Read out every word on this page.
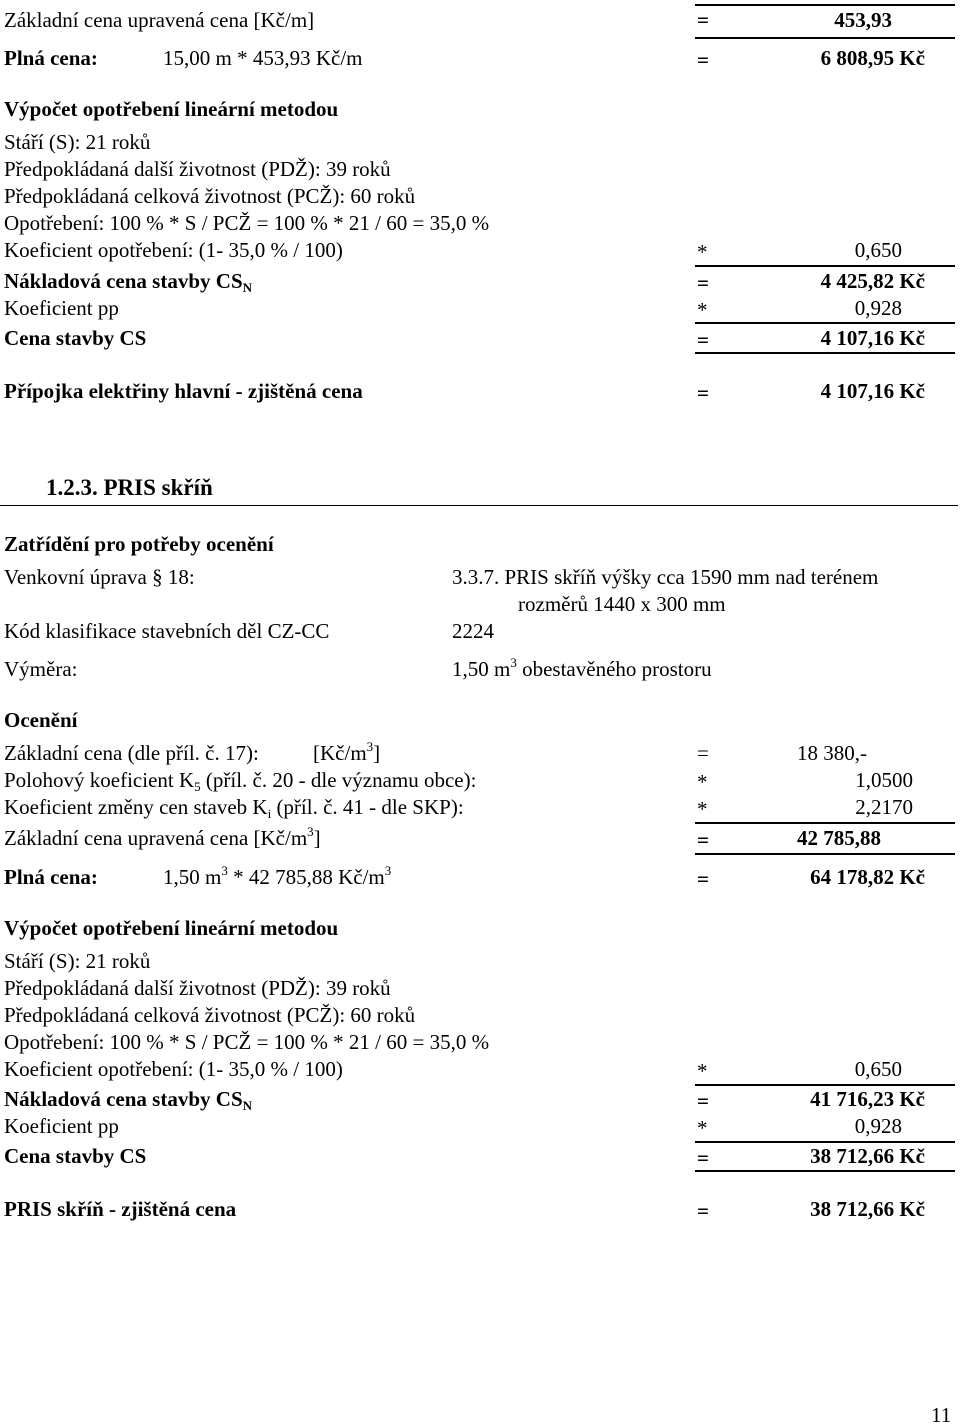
Základní cena upravená cena [Kč/m]	=	453,93
Plná cena:	15,00 m * 453,93 Kč/m	=	6 808,95 Kč
Výpočet opotřebení lineární metodou
Stáří (S): 21 roků
Předpokládaná další životnost (PDŽ): 39 roků
Předpokládaná celková životnost (PCŽ): 60 roků
Opotřebení: 100 % * S / PCŽ = 100 % * 21 / 60 = 35,0 %
Koeficient opotřebení: (1- 35,0 % / 100)	*	0,650
Nákladová cena stavby $CS_N$	=	4 425,82 Kč
Koeficient pp	*	0,928
Cena stavby CS	=	4 107,16 Kč
Přípojka elektřiny hlavní - zjištěná cena	=	4 107,16 Kč
1.2.3. PRIS skříň
Zatřídění pro potřeby ocenění
Venkovní úprava § 18:	3.3.7. PRIS skříň výšky cca 1590 mm nad terénem
rozměrů 1440 x 300 mm
Kód klasifikace stavebních děl CZ-CC	2224
Výměra:	1,50 $m^3$ obestavěného prostoru
Ocenění
Základní cena (dle příl. č. 17):	$[Kč/m^3]$	=	18 380,-
Polohový koeficient $K_5$ (příl. č. 20 - dle významu obce):	*	1,0500
Koeficient změny cen staveb $K_i$ (příl. č. 41 - dle SKP):	*	2,2170
Základní cena upravená cena $[Kč/m^3]$	=	42 785,88
Plná cena:	1,50 $m^3 * 42$ 785,88 $Kč/m^3$	=	64 178,82 Kč
Výpočet opotřebení lineární metodou
Stáří (S): 21 roků
Předpokládaná další životnost (PDŽ): 39 roků
Předpokládaná celková životnost (PCŽ): 60 roků
Opotřebení: 100 % * S / PCŽ = 100 % * 21 / 60 = 35,0 %
Koeficient opotřebení: (1- 35,0 % / 100)	*	0,650
Nákladová cena stavby $CS_N$	=	41 716,23 Kč
Koeficient pp	*	0,928
Cena stavby CS	=	38 712,66 Kč
PRIS skříň - zjištěná cena	=	38 712,66 Kč
11
